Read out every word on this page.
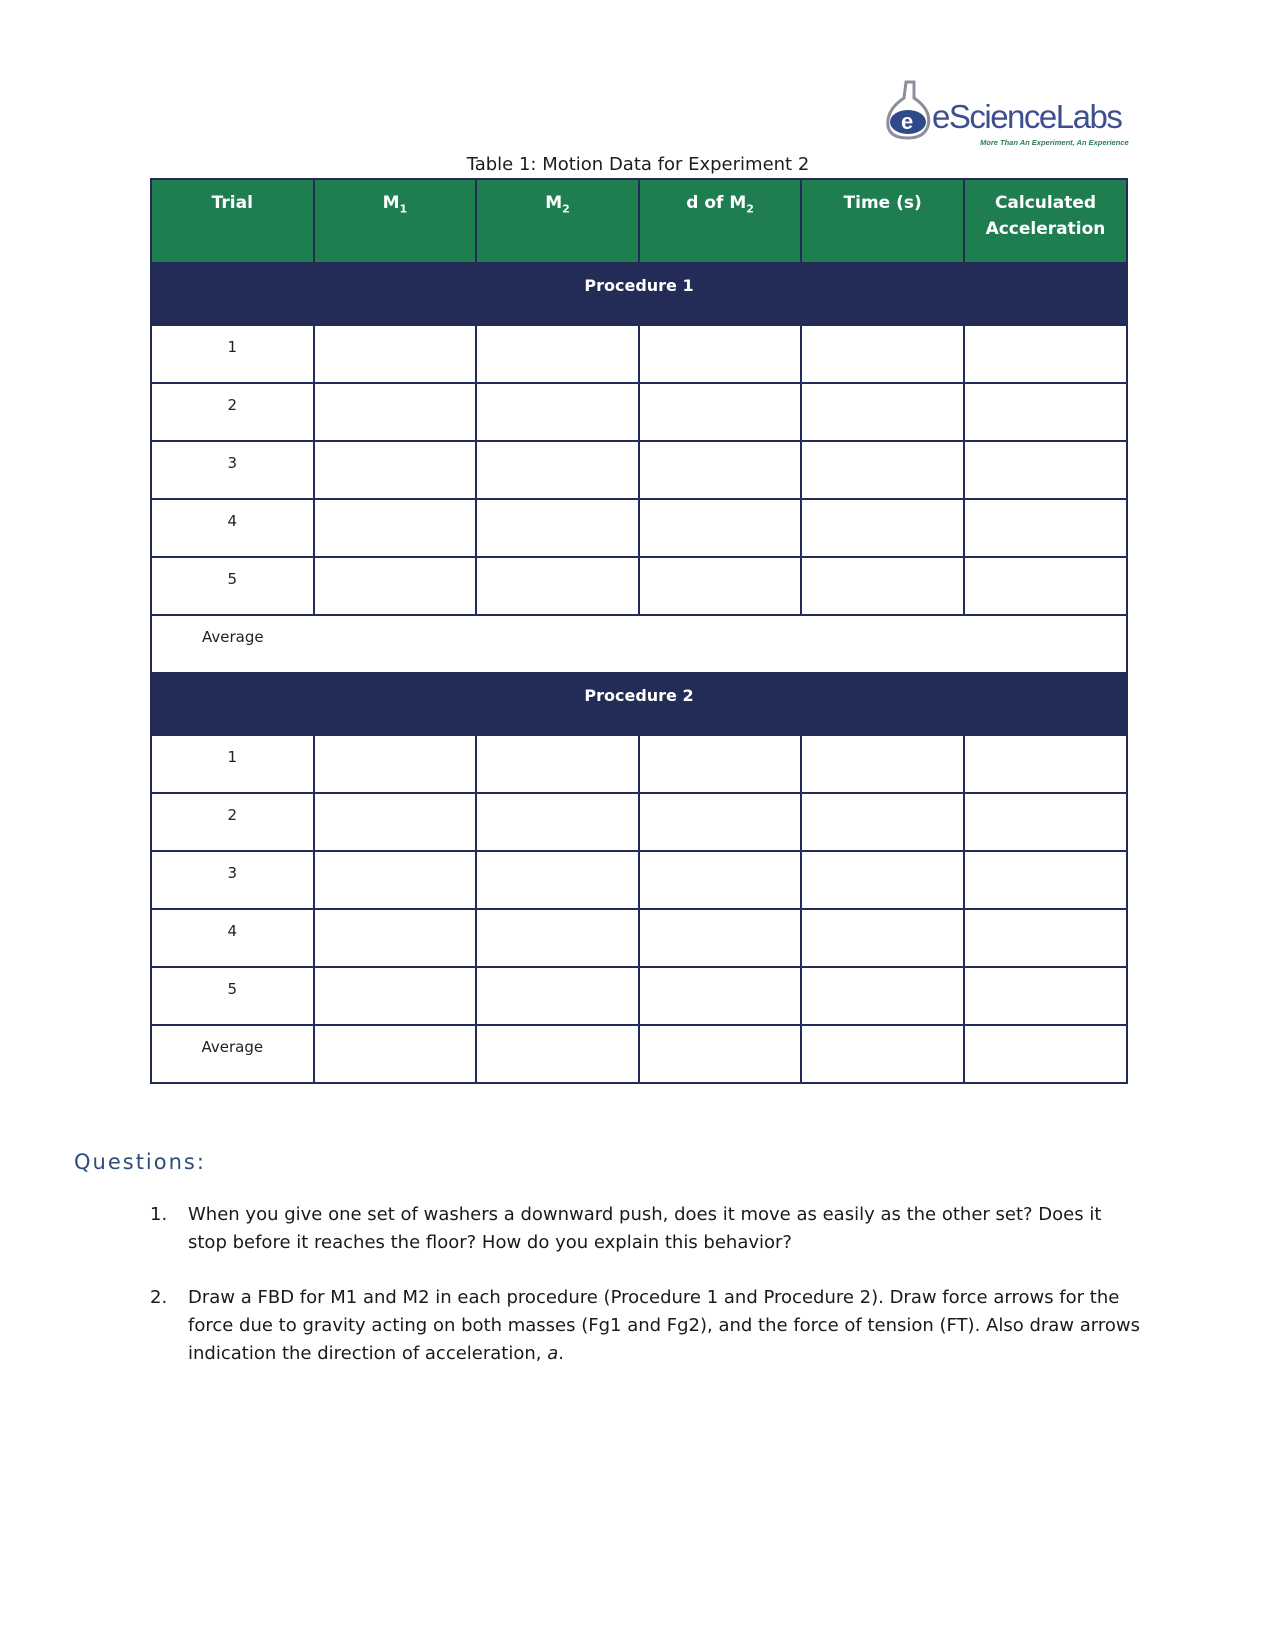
e eScienceLabs
More Than An Experiment, An Experience
Table 1: Motion Data for Experiment 2
Trial	$M_1$	$M_2$	d of $M_2$	Time (s)	Calculated Acceleration
Procedure 1					
1					
2					
3					
4					
5					
Average					
Procedure 2					
1					
2					
3					
4					
5					
Average					
Questions:
1. When you give one set of washers a downward push, does it move as easily as the other set? Does it stop before it reaches the floor? How do you explain this behavior?
2. Draw a FBD for M1 and M2 in each procedure (Procedure 1 and Procedure 2). Draw force arrows for the force due to gravity acting on both masses (Fg1 and Fg2), and the force of tension (FT). Also draw arrows indication the direction of acceleration, a.
